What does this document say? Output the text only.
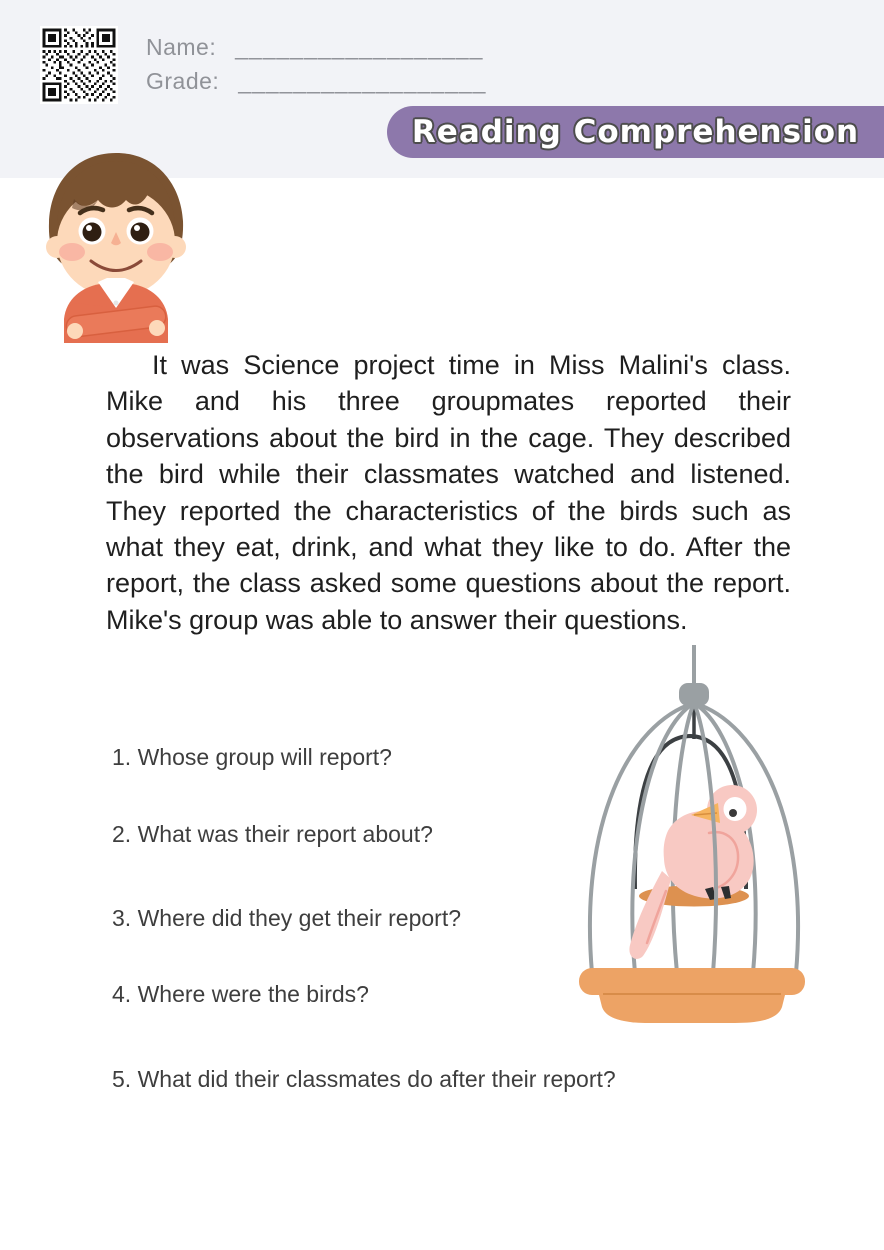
Name: __________________
Grade: __________________
Reading Comprehension

It was Science project time in Miss Malini's class. Mike and his three groupmates reported their observations about the bird in the cage. They described the bird while their classmates watched and listened. They reported the characteristics of the birds such as what they eat, drink, and what they like to do. After the report, the class asked some questions about the report. Mike's group was able to answer their questions.

1. Whose group will report?
2. What was their report about?
3. Where did they get their report?
4. Where were the birds?
5. What did their classmates do after their report?
